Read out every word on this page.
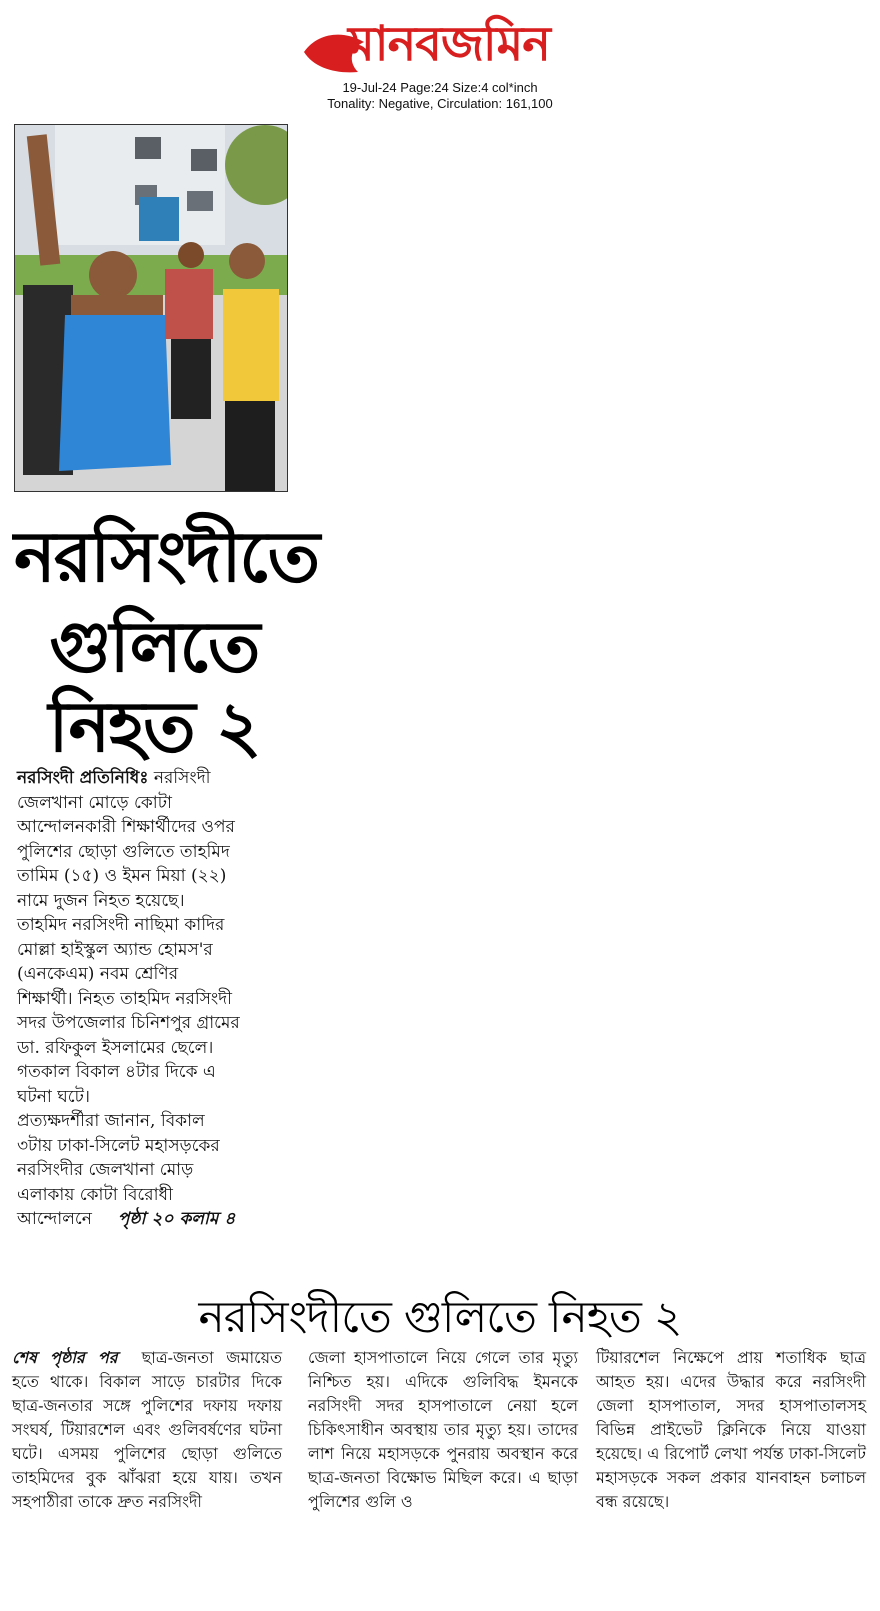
মানবজমিন
19-Jul-24 Page:24 Size:4 col*inch
Tonality: Negative, Circulation: 161,100
নরসিংদীতে
গুলিতে
নিহত ২
নরসিংদী প্রতিনিধিঃ নরসিংদী
জেলখানা মোড়ে কোটা
আন্দোলনকারী শিক্ষার্থীদের ওপর
পুলিশের ছোড়া গুলিতে তাহমিদ
তামিম (১৫) ও ইমন মিয়া (২২)
নামে দুজন নিহত হয়েছে।
তাহমিদ নরসিংদী নাছিমা কাদির
মোল্লা হাইস্কুল অ্যান্ড হোমস'র
(এনকেএম) নবম শ্রেণির
শিক্ষার্থী। নিহত তাহমিদ নরসিংদী
সদর উপজেলার চিনিশপুর গ্রামের
ডা. রফিকুল ইসলামের ছেলে।
গতকাল বিকাল ৪টার দিকে এ
ঘটনা ঘটে।
প্রত্যক্ষদর্শীরা জানান, বিকাল
৩টায় ঢাকা-সিলেট মহাসড়কের
নরসিংদীর জেলখানা মোড়
এলাকায় কোটা বিরোধী
আন্দোলনে পৃষ্ঠা ২০ কলাম ৪
নরসিংদীতে গুলিতে নিহত ২
শেষ পৃষ্ঠার পর ছাত্র-জনতা জমায়েত হতে থাকে। বিকাল সাড়ে চারটার দিকে ছাত্র-জনতার সঙ্গে পুলিশের দফায় দফায় সংঘর্ষ, টিয়ারশেল এবং গুলিবর্ষণের ঘটনা ঘটে। এসময় পুলিশের ছোড়া গুলিতে তাহমিদের বুক ঝাঁঝরা হয়ে যায়। তখন সহপাঠীরা তাকে দ্রুত নরসিংদী
জেলা হাসপাতালে নিয়ে গেলে তার মৃত্যু নিশ্চিত হয়। এদিকে গুলিবিদ্ধ ইমনকে নরসিংদী সদর হাসপাতালে নেয়া হলে চিকিৎসাধীন অবস্থায় তার মৃত্যু হয়। তাদের লাশ নিয়ে মহাসড়কে পুনরায় অবস্থান করে ছাত্র-জনতা বিক্ষোভ মিছিল করে। এ ছাড়া পুলিশের গুলি ও
টিয়ারশেল নিক্ষেপে প্রায় শতাধিক ছাত্র আহত হয়। এদের উদ্ধার করে নরসিংদী জেলা হাসপাতাল, সদর হাসপাতালসহ বিভিন্ন প্রাইভেট ক্লিনিকে নিয়ে যাওয়া হয়েছে। এ রিপোর্ট লেখা পর্যন্ত ঢাকা-সিলেট মহাসড়কে সকল প্রকার যানবাহন চলাচল বন্ধ রয়েছে।
